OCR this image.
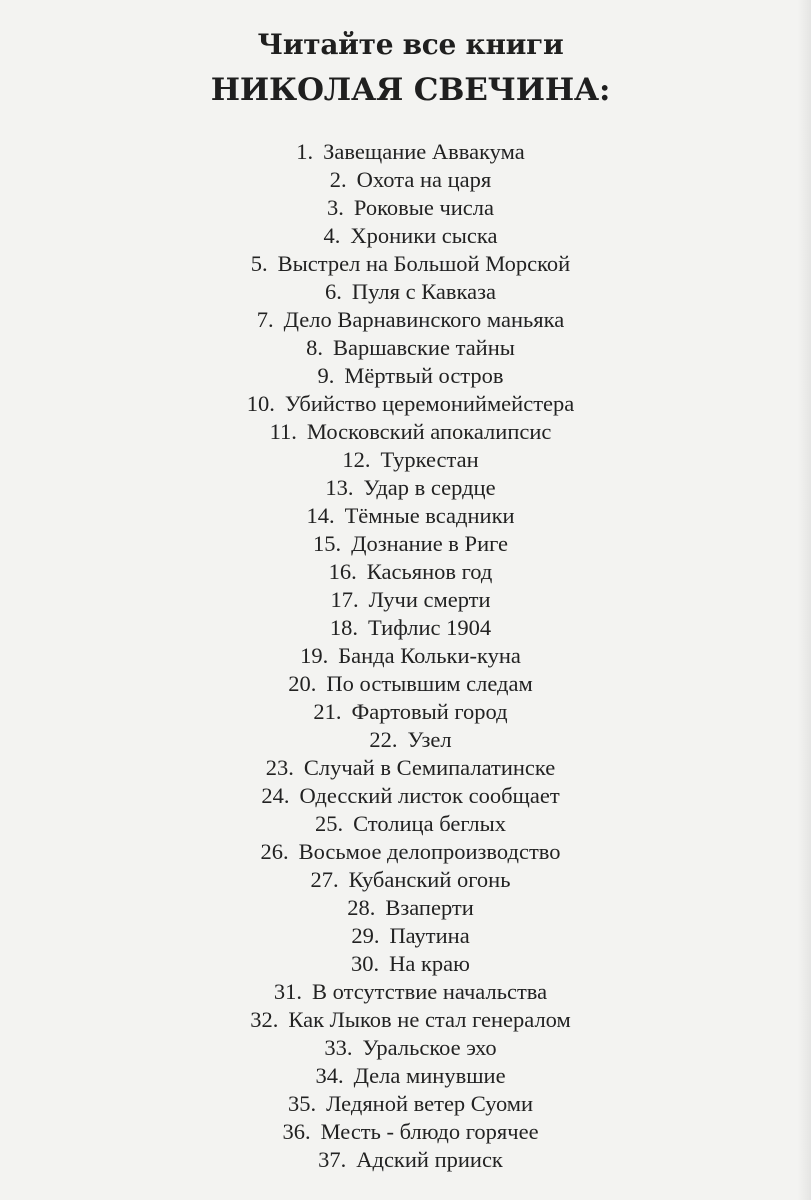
Читайте все книги
НИКОЛАЯ СВЕЧИНА:
1. Завещание Аввакума
2. Охота на царя
3. Роковые числа
4. Хроники сыска
5. Выстрел на Большой Морской
6. Пуля с Кавказа
7. Дело Варнавинского маньяка
8. Варшавские тайны
9. Мёртвый остров
10. Убийство церемониймейстера
11. Московский апокалипсис
12. Туркестан
13. Удар в сердце
14. Тёмные всадники
15. Дознание в Риге
16. Касьянов год
17. Лучи смерти
18. Тифлис 1904
19. Банда Кольки-куна
20. По остывшим следам
21. Фартовый город
22. Узел
23. Случай в Семипалатинске
24. Одесский листок сообщает
25. Столица беглых
26. Восьмое делопроизводство
27. Кубанский огонь
28. Взаперти
29. Паутина
30. На краю
31. В отсутствие начальства
32. Как Лыков не стал генералом
33. Уральское эхо
34. Дела минувшие
35. Ледяной ветер Суоми
36. Месть - блюдо горячее
37. Адский прииск
